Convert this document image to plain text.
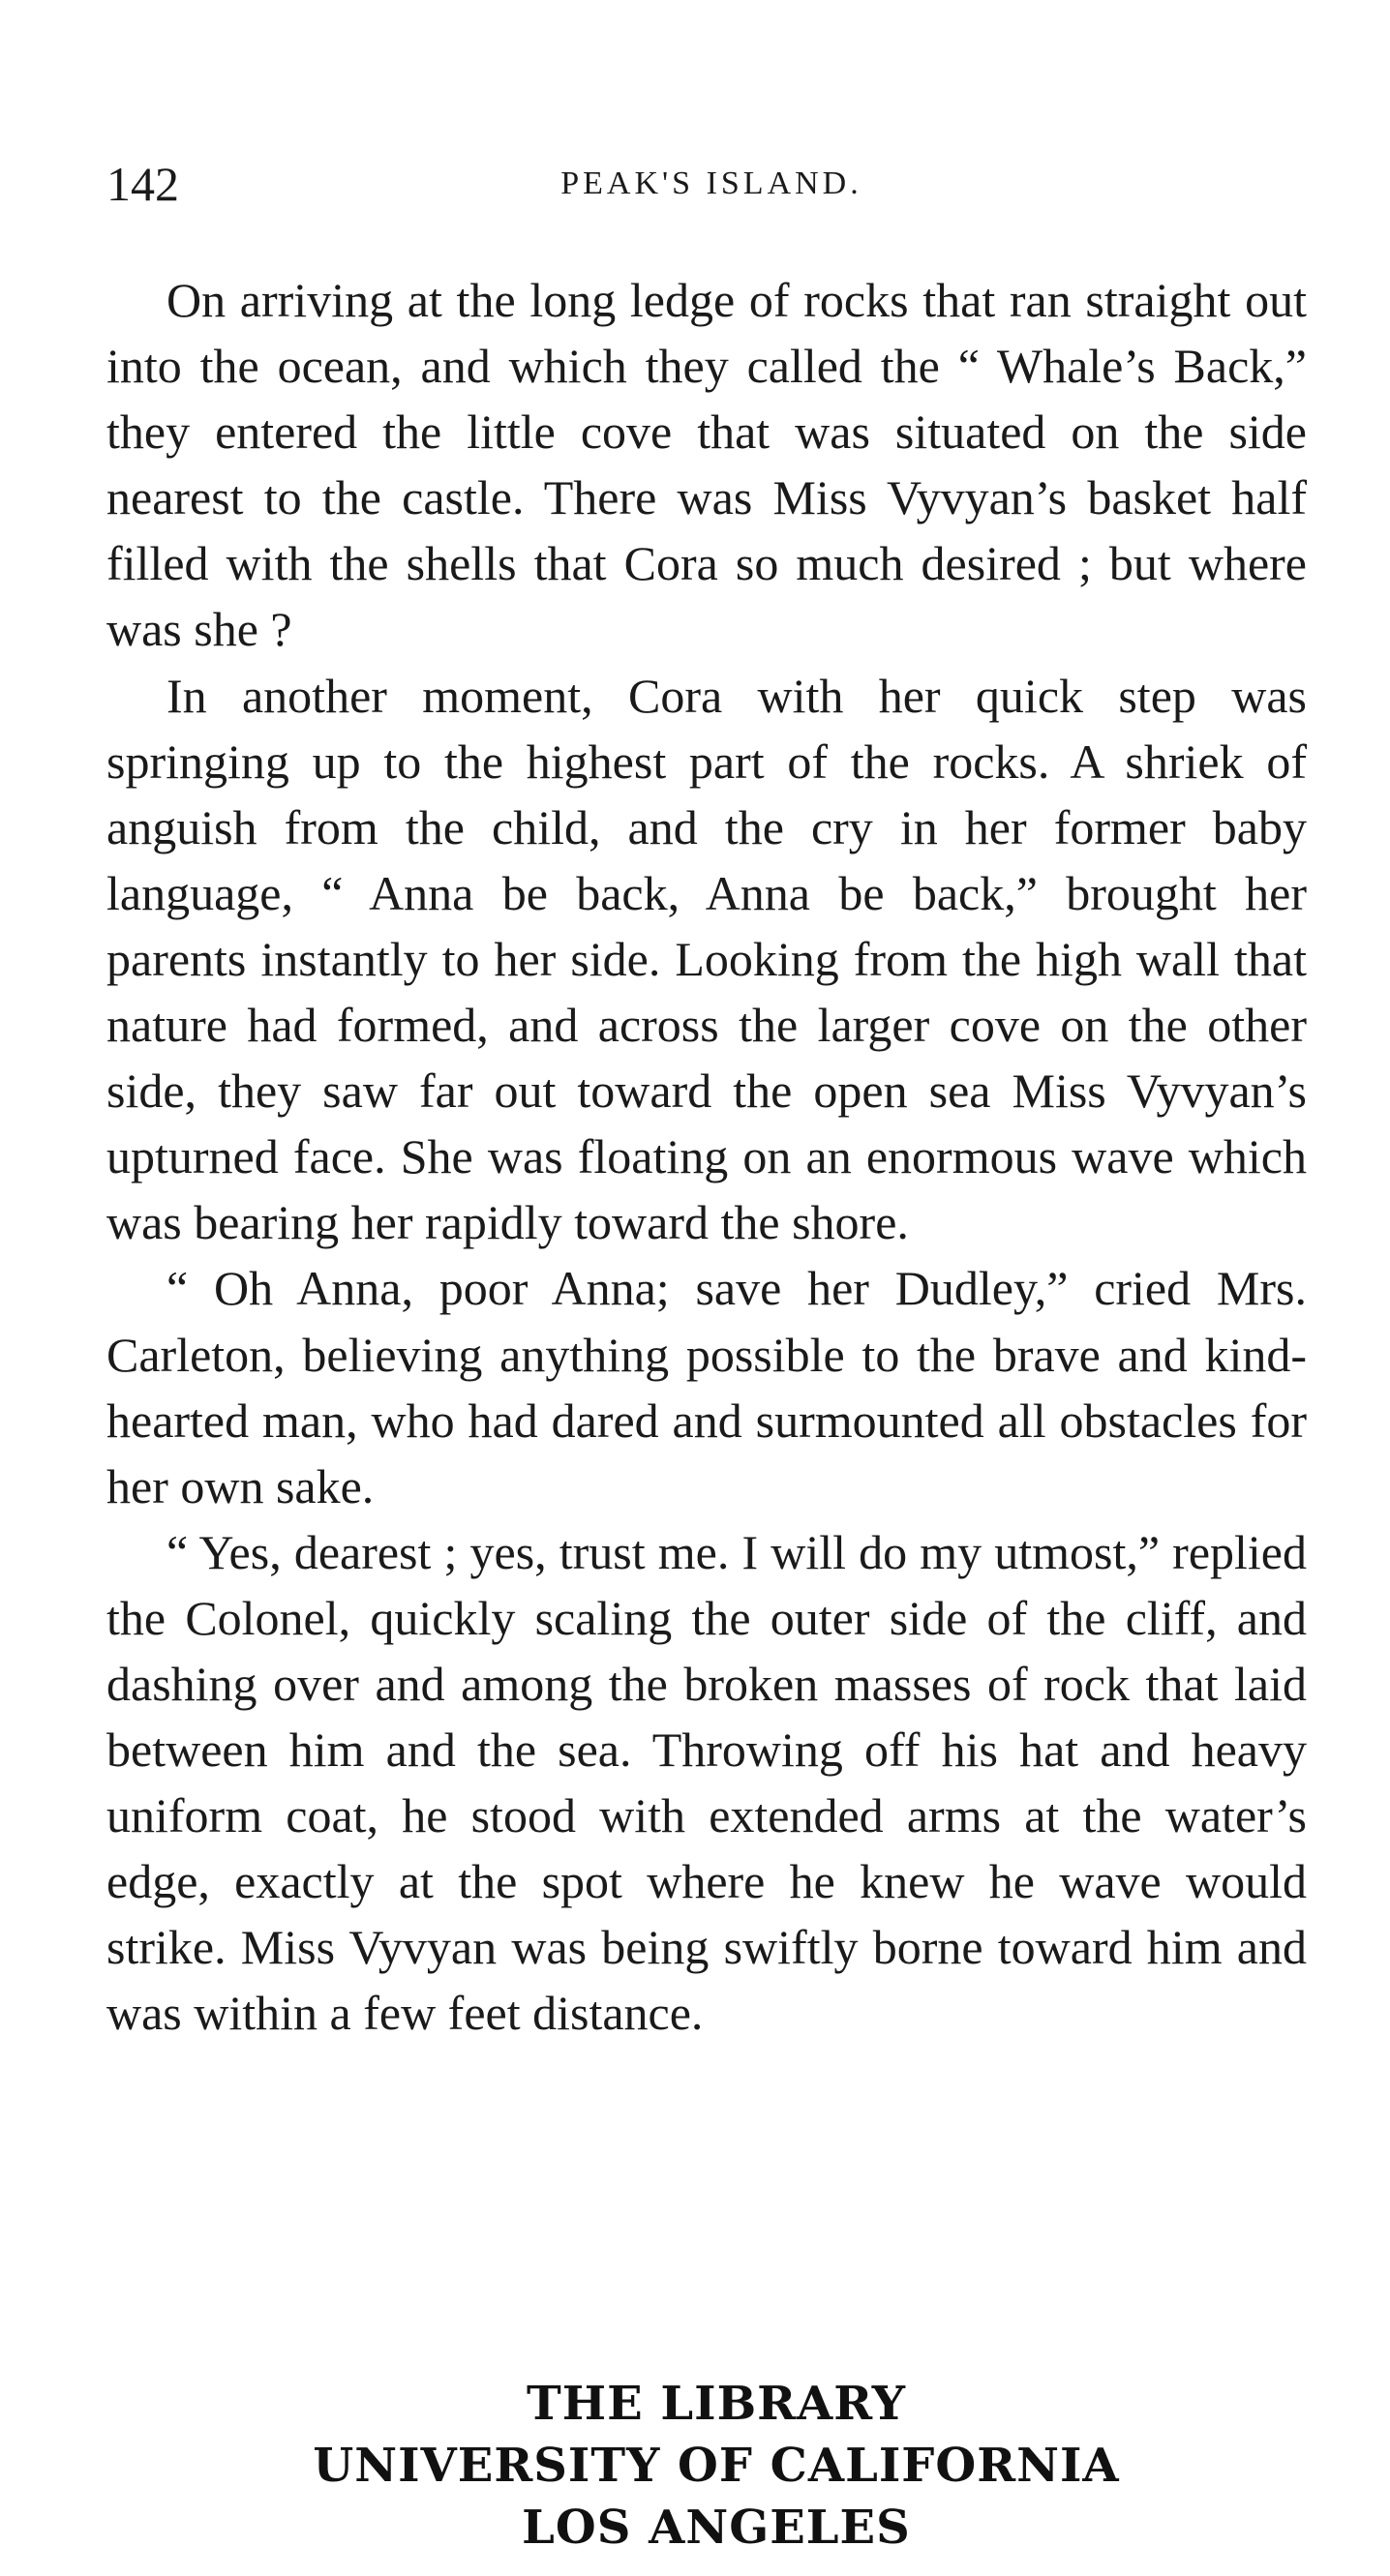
142	PEAK'S ISLAND.

On arriving at the long ledge of rocks that ran straight out into the ocean, and which they called the “ Whale’s Back,” they entered the little cove that was situated on the side nearest to the castle. There was Miss Vyvyan’s basket half filled with the shells that Cora so much desired ; but where was she ?

In another moment, Cora with her quick step was springing up to the highest part of the rocks. A shriek of anguish from the child, and the cry in her former baby language, “ Anna be back, Anna be back,” brought her parents instantly to her side. Looking from the high wall that nature had formed, and across the larger cove on the other side, they saw far out toward the open sea Miss Vyvyan’s upturned face. She was floating on an enormous wave which was bearing her rapidly toward the shore.

“ Oh Anna, poor Anna; save her Dudley,” cried Mrs. Carleton, believing anything possible to the brave and kind-hearted man, who had dared and surmounted all obstacles for her own sake.

“ Yes, dearest ; yes, trust me. I will do my utmost,” replied the Colonel, quickly scaling the outer side of the cliff, and dashing over and among the broken masses of rock that laid between him and the sea. Throwing off his hat and heavy uniform coat, he stood with extended arms at the water’s edge, exactly at the spot where he knew he wave would strike. Miss Vyvyan was being swiftly borne toward him and was within a few feet distance.

THE LIBRARY
UNIVERSITY OF CALIFORNIA
LOS ANGELES
